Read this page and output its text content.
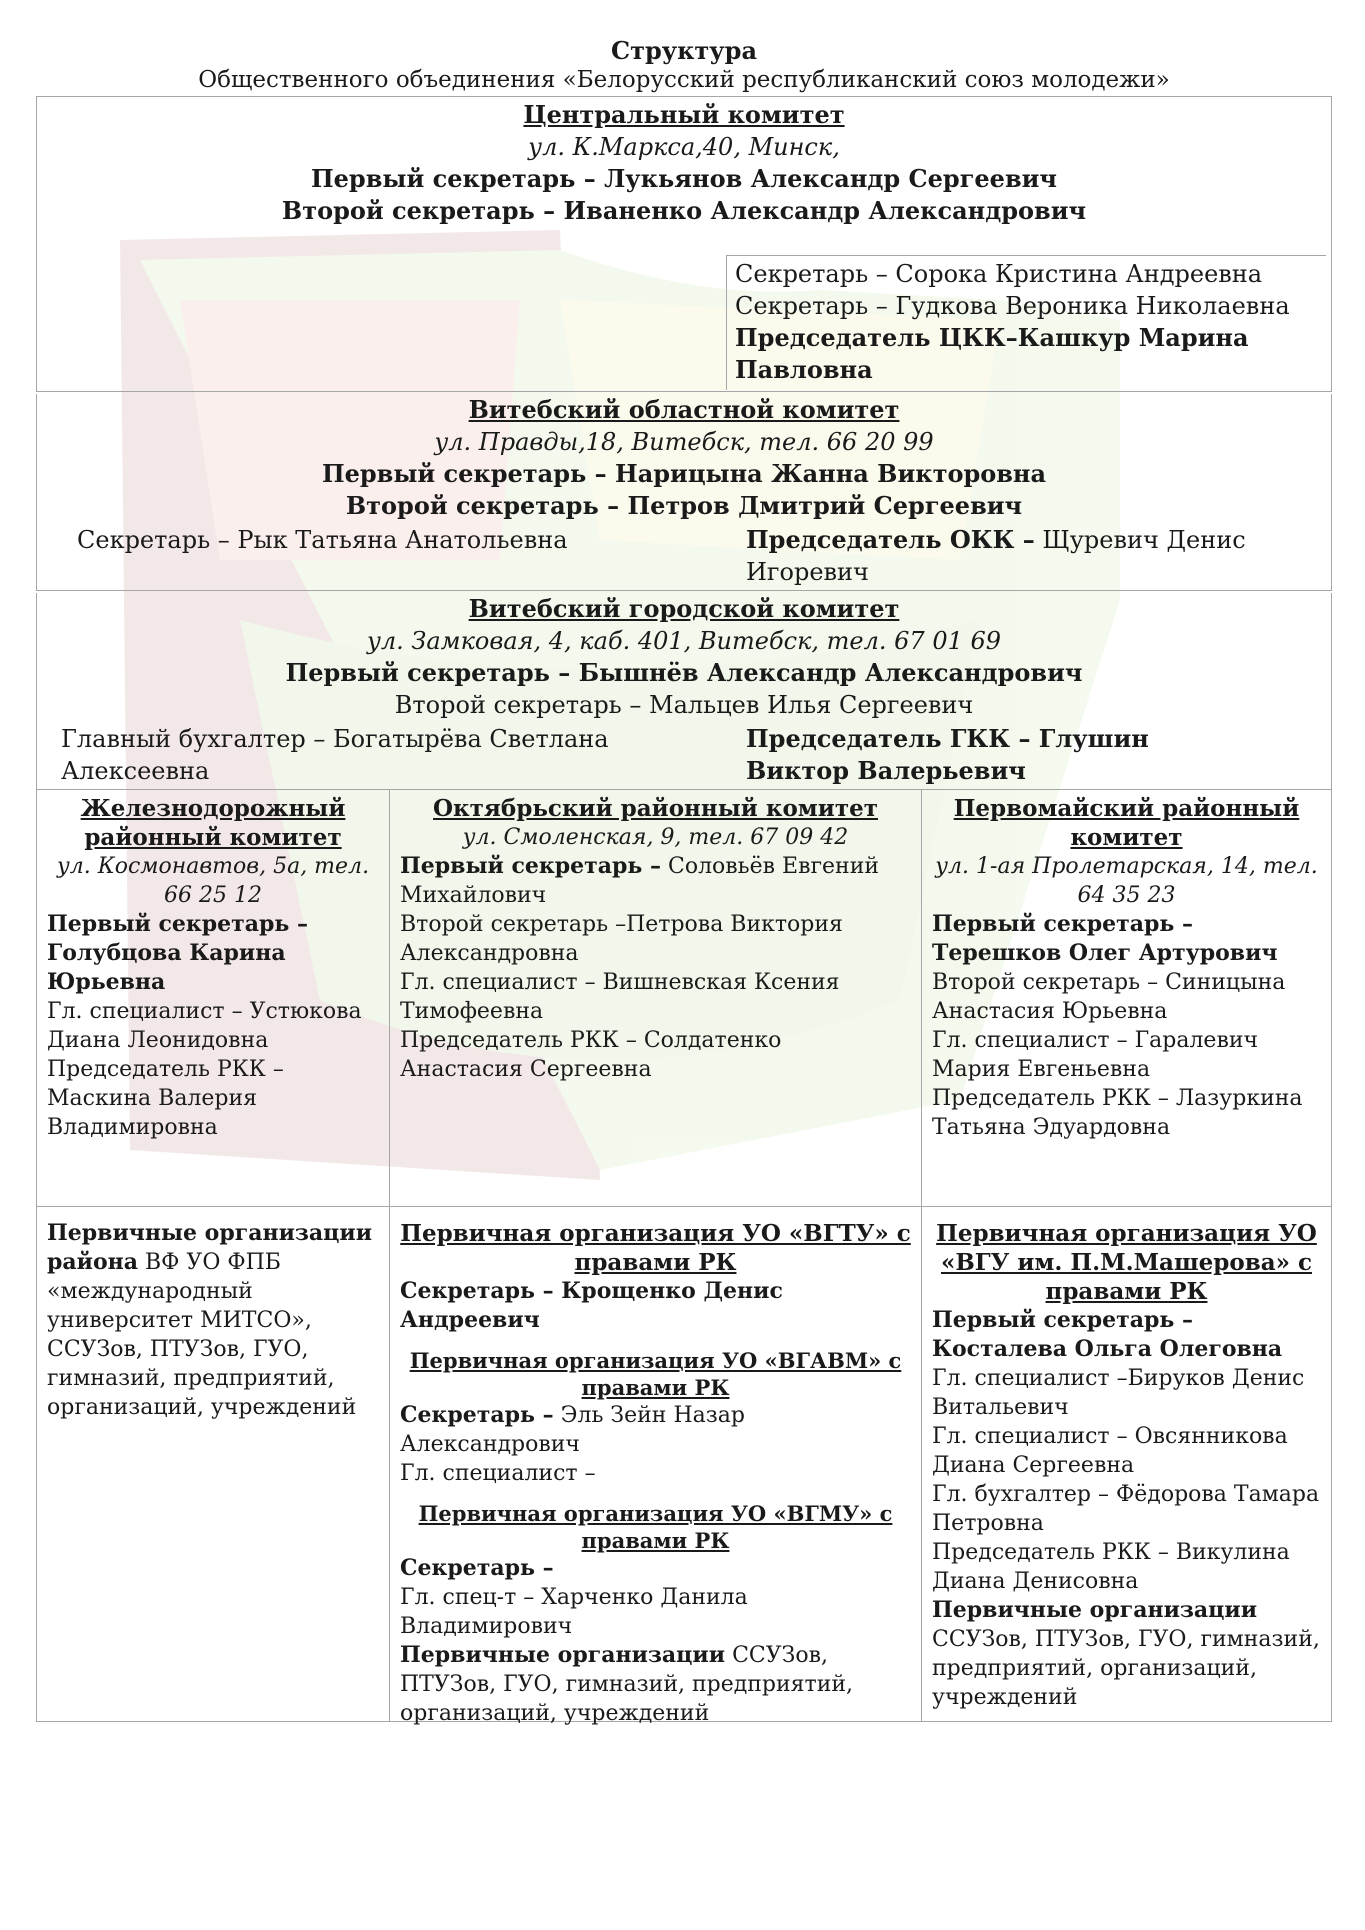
Структура

Общественного объединения «Белорусский республиканский союз молодежи»

Центральный комитет

ул. К.Маркса,40, Минск,

Первый секретарь – Лукьянов Александр Сергеевич

Второй секретарь – Иваненко Александр Александрович

Секретарь – Сорока Кристина Андреевна

Секретарь – Гудкова Вероника Николаевна

Председатель ЦКК–Кашкур Марина Павловна

Витебский областной комитет

ул. Правды,18, Витебск, тел. 66 20 99

Первый секретарь – Нарицына Жанна Викторовна

Второй секретарь – Петров Дмитрий Сергеевич

Секретарь – Рык Татьяна Анатольевна	Председатель ОКК – Щуревич Денис Игоревич

Витебский городской комитет

ул. Замковая, 4, каб. 401, Витебск, тел. 67 01 69

Первый секретарь – Бышнёв Александр Александрович

Второй секретарь – Мальцев Илья Сергеевич

Главный бухгалтер – Богатырёва Светлана Алексеевна

Председатель ГКК – Глушин Виктор Валерьевич

Железнодорожный районный комитет

ул. Космонавтов, 5а, тел. 66 25 12

Первый секретарь – Голубцова Карина Юрьевна

Гл. специалист – Устюкова Диана Леонидовна

Председатель РКК – Маскина Валерия Владимировна

Октябрьский районный комитет

ул. Смоленская, 9, тел. 67 09 42

Первый секретарь – Соловьёв Евгений Михайлович

Второй секретарь –Петрова Виктория Александровна

Гл. специалист – Вишневская Ксения Тимофеевна

Председатель РКК – Солдатенко Анастасия Сергеевна

Первомайский районный комитет

ул. 1-ая Пролетарская, 14, тел. 64 35 23

Первый секретарь – Терешков Олег Артурович

Второй секретарь – Синицына Анастасия Юрьевна

Гл. специалист – Гаралевич Мария Евгеньевна

Председатель РКК – Лазуркина Татьяна Эдуардовна

Первичные организации района ВФ УО ФПБ «международный университет МИТСО», ССУЗов, ПТУЗов, ГУО, гимназий, предприятий, организаций, учреждений

Первичная организация УО «ВГТУ» с правами РК

Секретарь – Крощенко Денис Андреевич

Первичная организация УО «ВГАВМ» с правами РК

Секретарь – Эль Зейн Назар Александрович

Гл. специалист –

Первичная организация УО «ВГМУ» с правами РК

Секретарь –

Гл. спец-т – Харченко Данила Владимирович

Первичные организации ССУЗов, ПТУЗов, ГУО, гимназий, предприятий, организаций, учреждений

Первичная организация УО «ВГУ им. П.М.Машерова» с правами РК

Первый секретарь – Косталева Ольга Олеговна

Гл. специалист –Бируков Денис Витальевич

Гл. специалист – Овсянникова Диана Сергеевна

Гл. бухгалтер – Фёдорова Тамара Петровна

Председатель РКК – Викулина Диана Денисовна

Первичные организации

ССУЗов, ПТУЗов, ГУО, гимназий, предприятий, организаций, учреждений
